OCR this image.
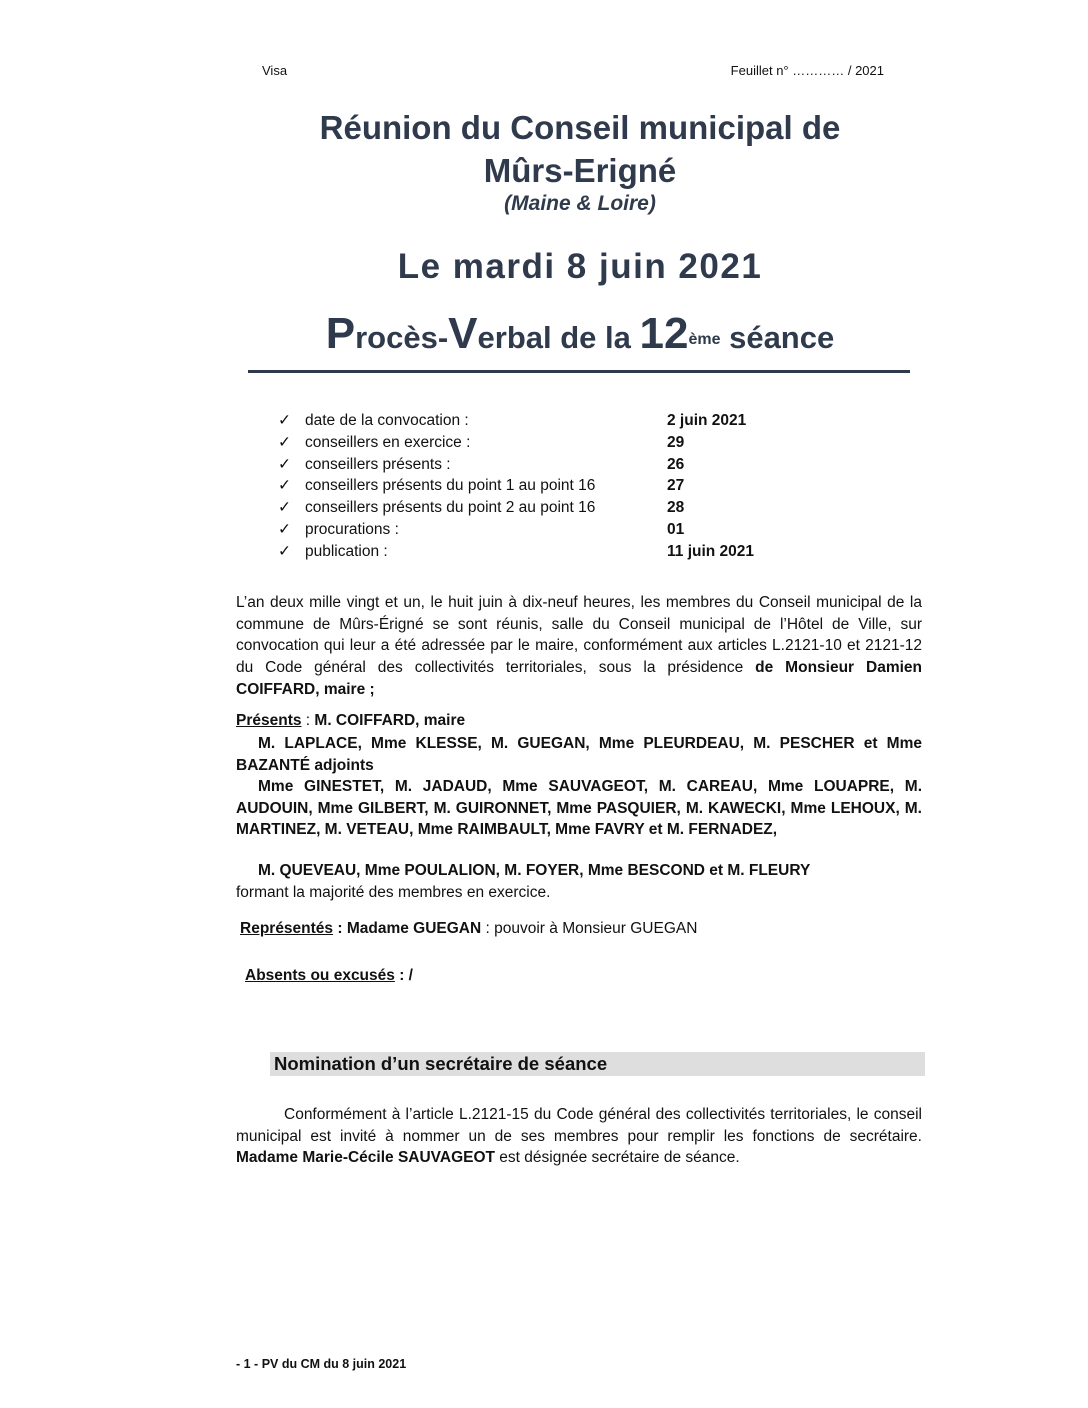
Visa	Feuillet n° ………… / 2021
Réunion du Conseil municipal de
Mûrs-Erigné
(Maine & Loire)
Le mardi 8 juin 2021
Procès-Verbal de la 12ème séance
✓ date de la convocation :	2 juin 2021
✓ conseillers en exercice :	29
✓ conseillers présents :	26
✓ conseillers présents du point 1 au point 16	27
✓ conseillers présents du point 2 au point 16	28
✓ procurations :	01
✓ publication :	11 juin 2021
L’an deux mille vingt et un, le huit juin à dix-neuf heures, les membres du Conseil municipal de la commune de Mûrs-Érigné se sont réunis, salle du Conseil municipal de l’Hôtel de Ville, sur convocation qui leur a été adressée par le maire, conformément aux articles L.2121-10 et 2121-12 du Code général des collectivités territoriales, sous la présidence de Monsieur Damien COIFFARD, maire ;
Présents : M. COIFFARD, maire
M. LAPLACE, Mme KLESSE, M. GUEGAN, Mme PLEURDEAU, M. PESCHER et Mme BAZANTÉ adjoints
Mme GINESTET, M. JADAUD, Mme SAUVAGEOT, M. CAREAU, Mme LOUAPRE, M. AUDOUIN, Mme GILBERT, M. GUIRONNET, Mme PASQUIER, M. KAWECKI, Mme LEHOUX, M. MARTINEZ, M. VETEAU, Mme RAIMBAULT, Mme FAVRY et M. FERNADEZ,
M. QUEVEAU, Mme POULALION, M. FOYER, Mme BESCOND et M. FLEURY
formant la majorité des membres en exercice.
Représentés : Madame GUEGAN : pouvoir à Monsieur GUEGAN
Absents ou excusés : /
Nomination d’un secrétaire de séance
Conformément à l’article L.2121-15 du Code général des collectivités territoriales, le conseil municipal est invité à nommer un de ses membres pour remplir les fonctions de secrétaire. Madame Marie-Cécile SAUVAGEOT est désignée secrétaire de séance.
- 1 - PV du CM du 8 juin 2021
